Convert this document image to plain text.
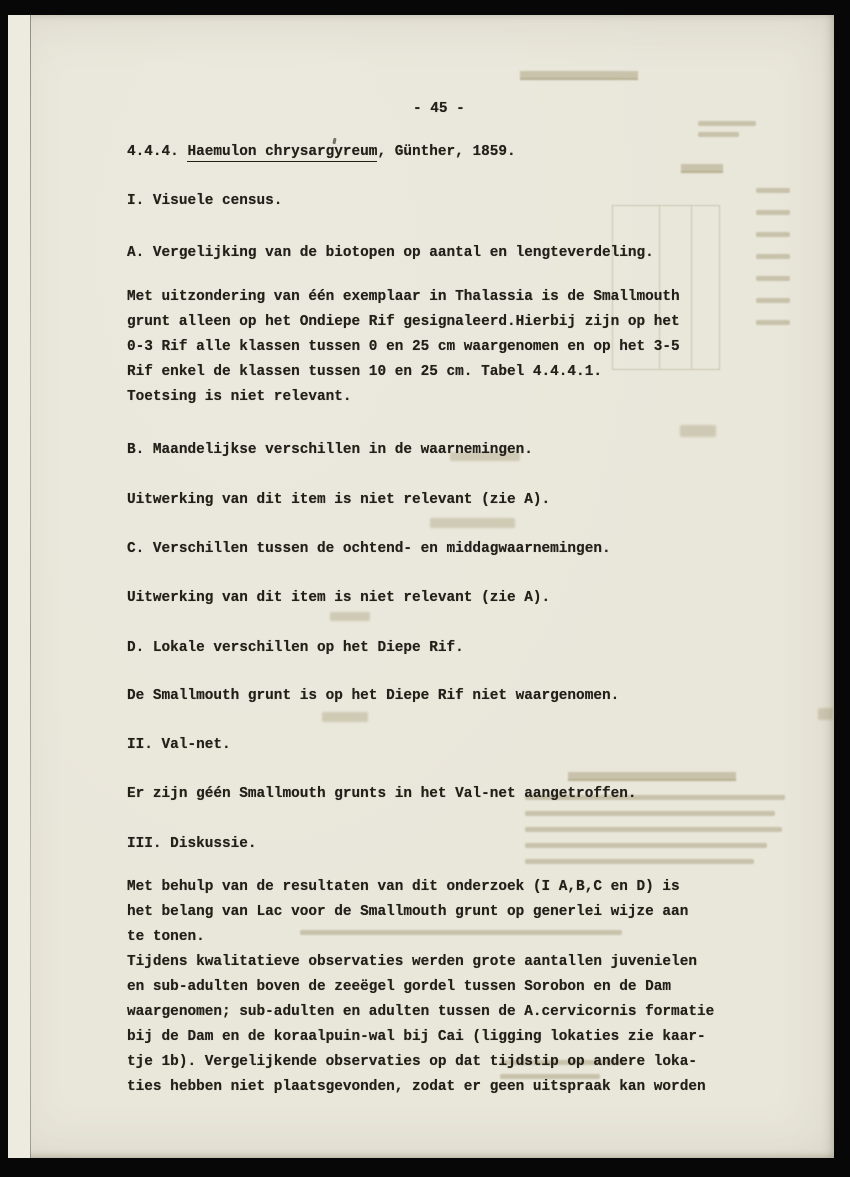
- 45 -
4.4.4. Haemulon chrysargyreum, Günther, 1859.
I. Visuele census.
A. Vergelijking van de biotopen op aantal en lengteverdeling.
Met uitzondering van één exemplaar in Thalassia is de Smallmouth
grunt alleen op het Ondiepe Rif gesignaleerd.Hierbij zijn op het
0-3 Rif alle klassen tussen 0 en 25 cm waargenomen en op het 3-5
Rif enkel de klassen tussen 10 en 25 cm. Tabel 4.4.4.1.
Toetsing is niet relevant.
B. Maandelijkse verschillen in de waarnemingen.
Uitwerking van dit item is niet relevant (zie A).
C. Verschillen tussen de ochtend- en middagwaarnemingen.
Uitwerking van dit item is niet relevant (zie A).
D. Lokale verschillen op het Diepe Rif.
De Smallmouth grunt is op het Diepe Rif niet waargenomen.
II. Val-net.
Er zijn géén Smallmouth grunts in het Val-net aangetroffen.
III. Diskussie.
Met behulp van de resultaten van dit onderzoek (I A,B,C en D) is
het belang van Lac voor de Smallmouth grunt op generlei wijze aan
te tonen.
Tijdens kwalitatieve observaties werden grote aantallen juvenielen
en sub-adulten boven de zeeëgel gordel tussen Sorobon en de Dam
waargenomen; sub-adulten en adulten tussen de A.cervicornis formatie
bij de Dam en de koraalpuin-wal bij Cai (ligging lokaties zie kaar-
tje 1b). Vergelijkende observaties op dat tijdstip op andere loka-
ties hebben niet plaatsgevonden, zodat er geen uitspraak kan worden
